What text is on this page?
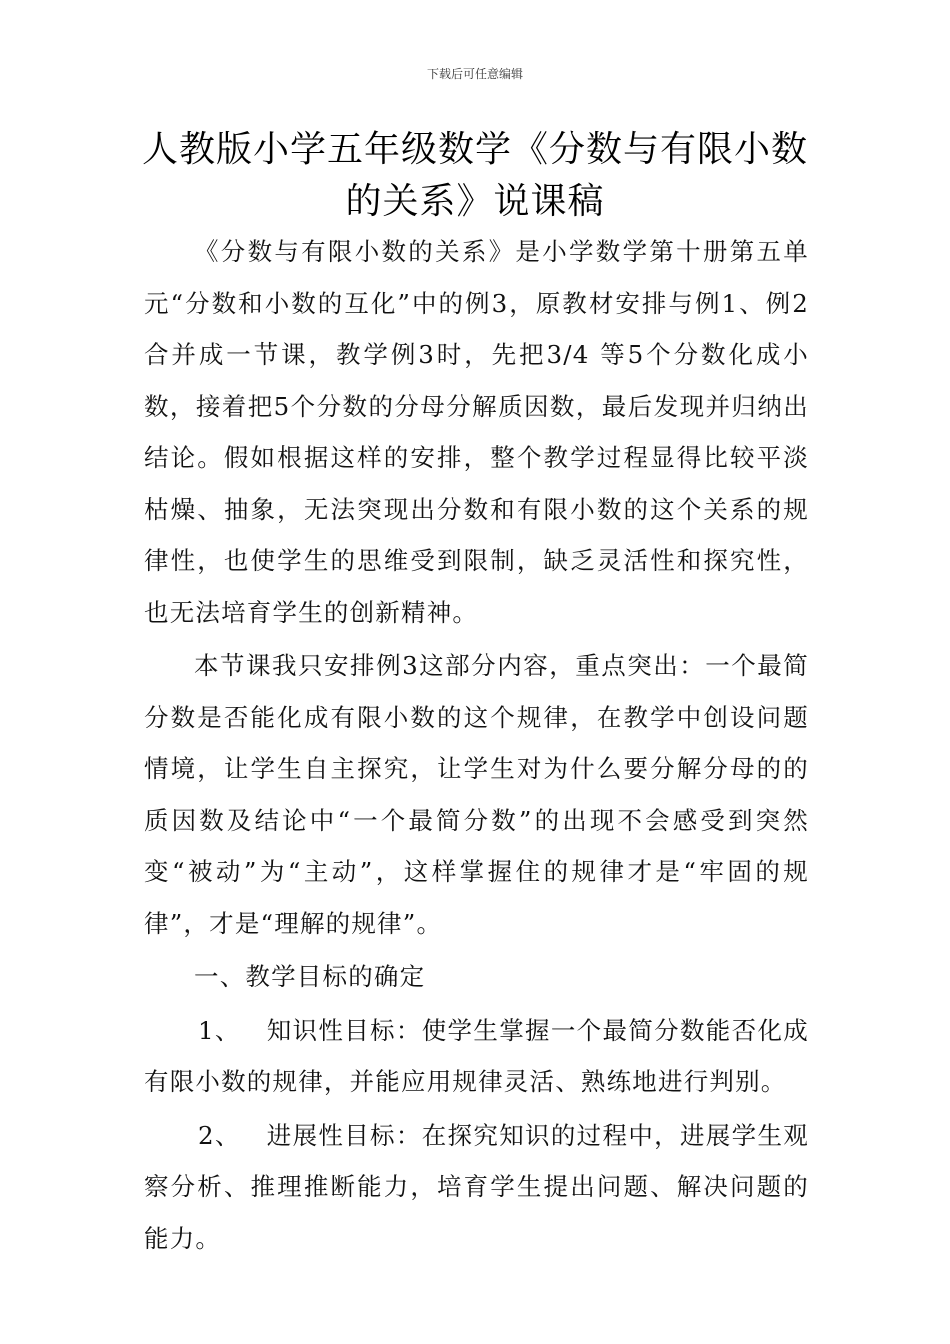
下载后可任意编辑
人教版小学五年级数学《分数与有限小数
的关系》说课稿

《分数与有限小数的关系》是小学数学第十册第五单元“分数和小数的互化”中的例3，原教材安排与例1、例2合并成一节课，教学例3时，先把3/4 等5个分数化成小数，接着把5个分数的分母分解质因数，最后发现并归纳出结论。假如根据这样的安排，整个教学过程显得比较平淡枯燥、抽象，无法突现出分数和有限小数的这个关系的规律性，也使学生的思维受到限制，缺乏灵活性和探究性，也无法培育学生的创新精神。

本节课我只安排例3这部分内容，重点突出：一个最简分数是否能化成有限小数的这个规律，在教学中创设问题情境，让学生自主探究，让学生对为什么要分解分母的的质因数及结论中“一个最简分数”的出现不会感受到突然变“被动”为“主动”，这样掌握住的规律才是“牢固的规律”，才是“理解的规律”。

一、教学目标的确定

1、 知识性目标：使学生掌握一个最简分数能否化成有限小数的规律，并能应用规律灵活、熟练地进行判别。

2、 进展性目标：在探究知识的过程中，进展学生观察分析、推理推断能力，培育学生提出问题、解决问题的能力。
